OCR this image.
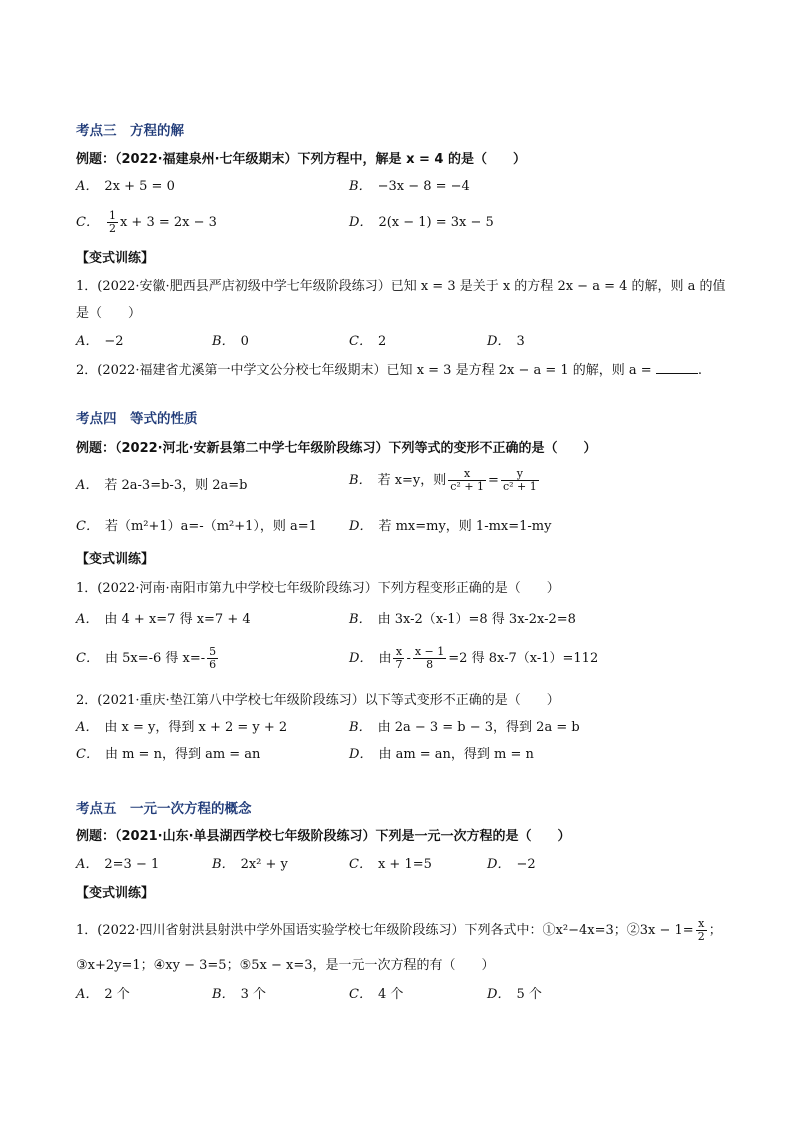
考点三　方程的解
例题：（2022·福建泉州·七年级期末）下列方程中，解是 x = 4 的是（　　）
A． 2x + 5 = 0	B． −3x − 8 = −4
C． $\frac{1}{2}$ x + 3 = 2x − 3	D． 2(x − 1) = 3x − 5
【变式训练】
1．(2022·安徽·肥西县严店初级中学七年级阶段练习）已知 x = 3 是关于 x 的方程 2x − a = 4 的解，则 a 的值
是（　　）
A． −2	B． 0	C． 2	D． 3
2．(2022·福建省尤溪第一中学文公分校七年级期末）已知 x = 3 是方程 2x − a = 1 的解，则 a =	.
考点四　等式的性质
例题：（2022·河北·安新县第二中学七年级阶段练习）下列等式的变形不正确的是（　　）
A． 若 2a-3=b-3，则 2a=b	B． 若 x=y，则 $\frac{x}{\text{c² + 1}} = \frac{y}{\text{c² + 1}}$
C． 若（m²+1）a=-（m²+1），则 a=1 D． 若 mx=my，则 1-mx=1-my
【变式训练】
1．(2022·河南·南阳市第九中学校七年级阶段练习）下列方程变形正确的是（　　）
A． 由 4 + x=7 得 x=7 + 4	B． 由 3x-2（x-1）=8 得 3x-2x-2=8
C． 由 5x=-6 得 $x=- \frac{5}{6}$	D． 由 $\frac{x}{7} - \frac{x - 1}{8} =2$ 得 8x-7（x-1）=112
2．(2021·重庆·垫江第八中学校七年级阶段练习）以下等式变形不正确的是（　　）
A． 由 x = y，得到 x + 2 = y + 2	B． 由 2a − 3 = b − 3，得到 2a = b
C． 由 m = n，得到 am = an	D． 由 am = an，得到 m = n
考点五　一元一次方程的概念
例题：（2021·山东·单县湖西学校七年级阶段练习）下列是一元一次方程的是（　　）
A． 2=3 − 1	B． 2x² + y	C． x + 1=5	D． −2
【变式训练】
1．(2022·四川省射洪县射洪中学外国语实验学校七年级阶段练习）下列各式中：①x²−4x=3；②3x − $1= \frac{x}{2}$ ；
③x+2y=1；④xy − 3=5；⑤5x − x=3，是一元一次方程的有（　　）
A． 2 个	B． 3 个	C． 4 个	D． 5 个
